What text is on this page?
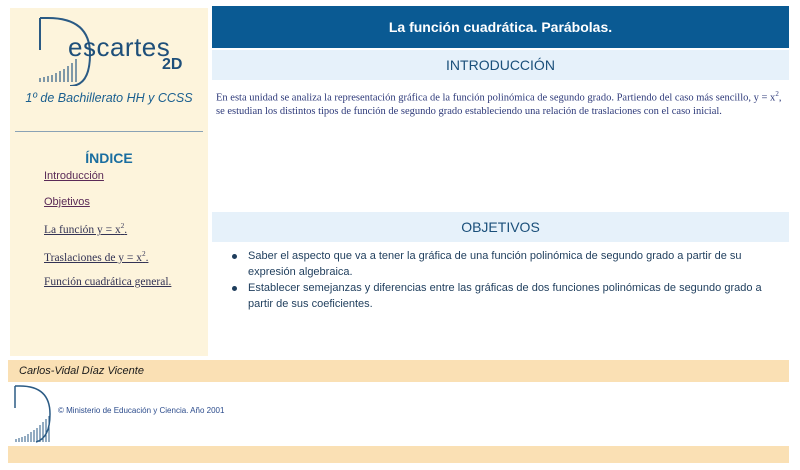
escartes
2D
1º de Bachillerato HH y CCSS
ÍNDICE
Introducción
Objetivos
La función $y = x^2$.
Traslaciones de $y = x^2$.
Función cuadrática general.
La función cuadrática. Parábolas.
INTRODUCCIÓN

En esta unidad se analiza la representación gráfica de la función polinómica de segundo grado. Partiendo del caso más sencillo, $y = x^2$, se estudian los distintos tipos de función de segundo grado estableciendo una relación de traslaciones con el caso inicial.

OBJETIVOS
Saber el aspecto que va a tener la gráfica de una función polinómica de segundo grado a partir de su expresión algebraica.
Establecer semejanzas y diferencias entre las gráficas de dos funciones polinómicas de segundo grado a partir de sus coeficientes.
Carlos-Vidal Díaz Vicente
© Ministerio de Educación y Ciencia. Año 2001
